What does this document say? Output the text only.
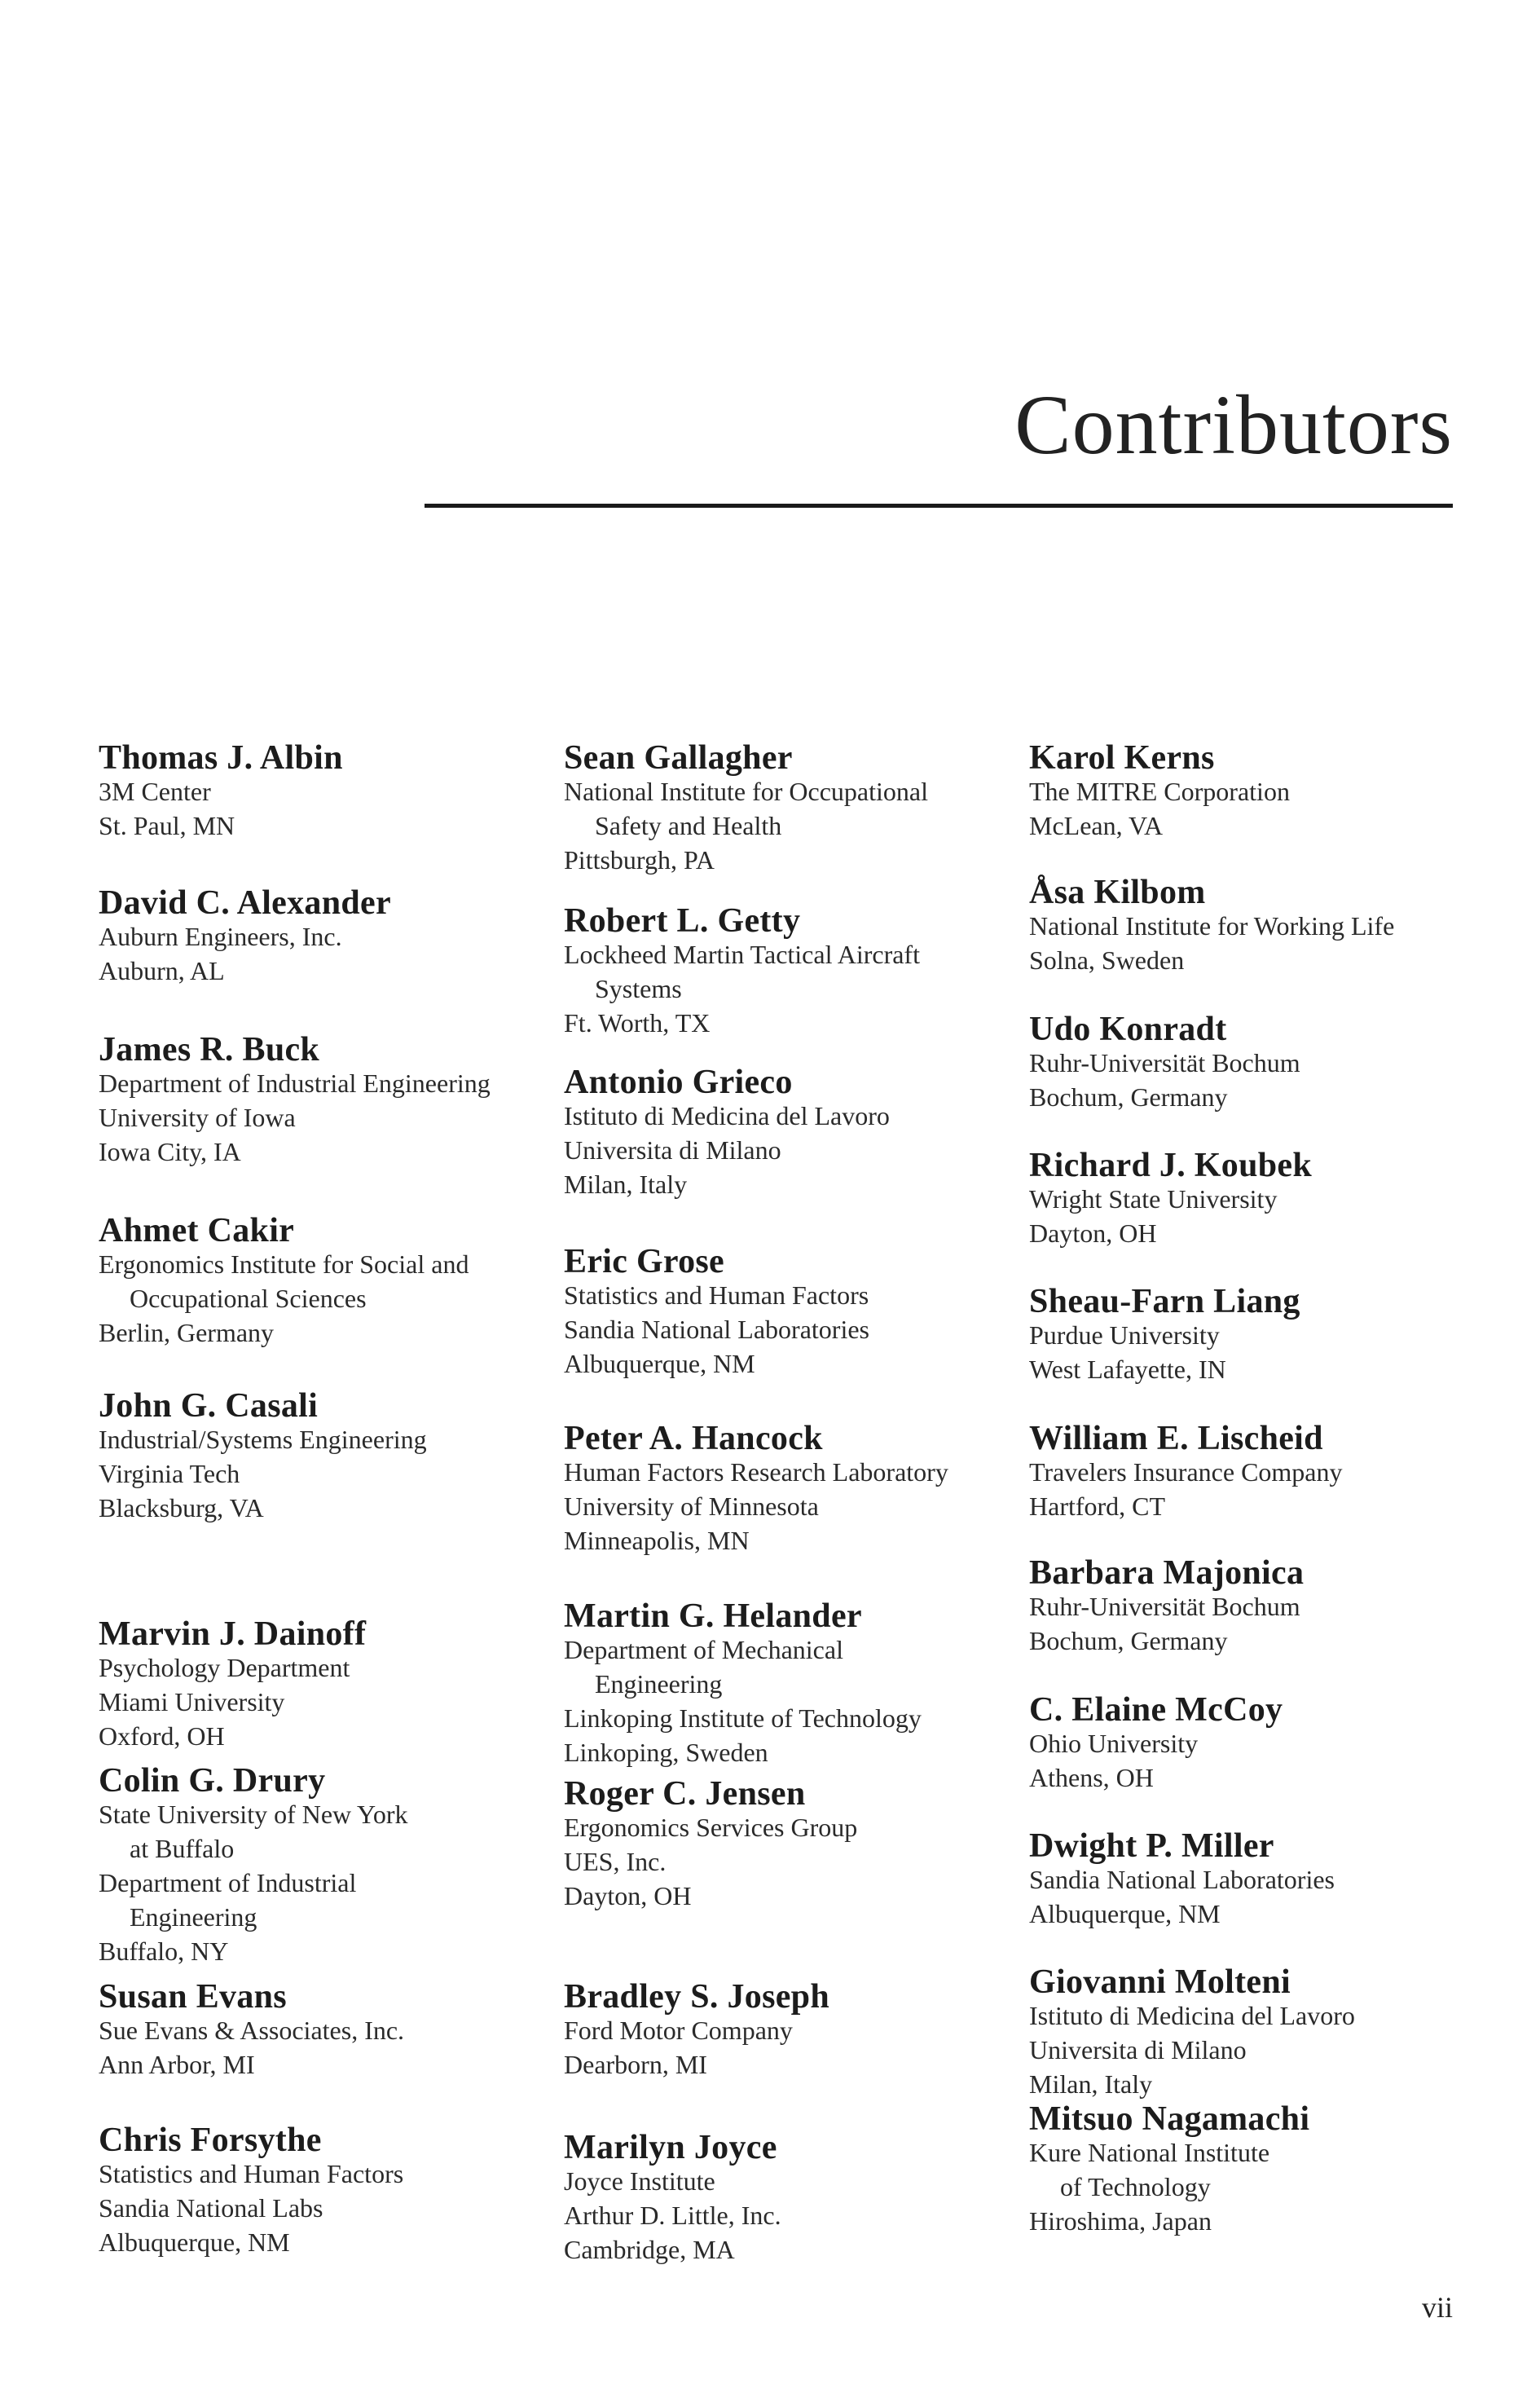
Contributors
Thomas J. Albin
3M Center
St. Paul, MN
David C. Alexander
Auburn Engineers, Inc.
Auburn, AL
James R. Buck
Department of Industrial Engineering
University of Iowa
Iowa City, IA
Ahmet Cakir
Ergonomics Institute for Social and
Occupational Sciences
Berlin, Germany
John G. Casali
Industrial/Systems Engineering
Virginia Tech
Blacksburg, VA
Marvin J. Dainoff
Psychology Department
Miami University
Oxford, OH
Colin G. Drury
State University of New York
at Buffalo
Department of Industrial
Engineering
Buffalo, NY
Susan Evans
Sue Evans & Associates, Inc.
Ann Arbor, MI
Chris Forsythe
Statistics and Human Factors
Sandia National Labs
Albuquerque, NM
Sean Gallagher
National Institute for Occupational
Safety and Health
Pittsburgh, PA
Robert L. Getty
Lockheed Martin Tactical Aircraft
Systems
Ft. Worth, TX
Antonio Grieco
Istituto di Medicina del Lavoro
Universita di Milano
Milan, Italy
Eric Grose
Statistics and Human Factors
Sandia National Laboratories
Albuquerque, NM
Peter A. Hancock
Human Factors Research Laboratory
University of Minnesota
Minneapolis, MN
Martin G. Helander
Department of Mechanical
Engineering
Linkoping Institute of Technology
Linkoping, Sweden
Roger C. Jensen
Ergonomics Services Group
UES, Inc.
Dayton, OH
Bradley S. Joseph
Ford Motor Company
Dearborn, MI
Marilyn Joyce
Joyce Institute
Arthur D. Little, Inc.
Cambridge, MA
Karol Kerns
The MITRE Corporation
McLean, VA
Åsa Kilbom
National Institute for Working Life
Solna, Sweden
Udo Konradt
Ruhr-Universität Bochum
Bochum, Germany
Richard J. Koubek
Wright State University
Dayton, OH
Sheau-Farn Liang
Purdue University
West Lafayette, IN
William E. Lischeid
Travelers Insurance Company
Hartford, CT
Barbara Majonica
Ruhr-Universität Bochum
Bochum, Germany
C. Elaine McCoy
Ohio University
Athens, OH
Dwight P. Miller
Sandia National Laboratories
Albuquerque, NM
Giovanni Molteni
Istituto di Medicina del Lavoro
Universita di Milano
Milan, Italy
Mitsuo Nagamachi
Kure National Institute
of Technology
Hiroshima, Japan
vii
